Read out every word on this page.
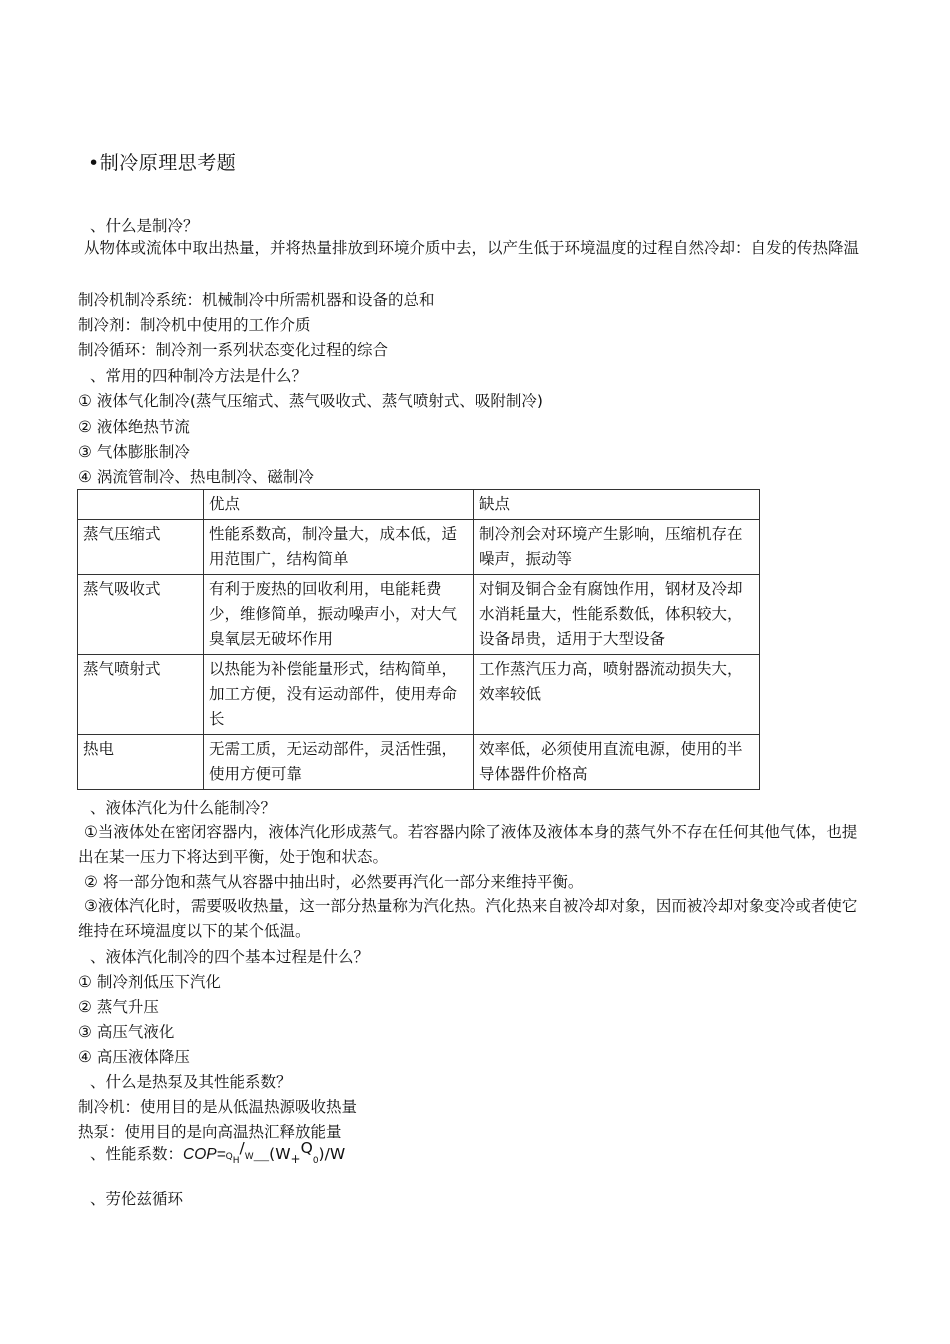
•制冷原理思考题
、什么是制冷？
从物体或流体中取出热量，并将热量排放到环境介质中去，以产生低于环境温度的过程自然冷却：自发的传热降温
制冷机制冷系统：机械制冷中所需机器和设备的总和
制冷剂：制冷机中使用的工作介质
制冷循环：制冷剂一系列状态变化过程的综合
、常用的四种制冷方法是什么？
① 液体气化制冷(蒸气压缩式、蒸气吸收式、蒸气喷射式、吸附制冷)
② 液体绝热节流
③ 气体膨胀制冷
④ 涡流管制冷、热电制冷、磁制冷
	优点	缺点
蒸气压缩式	性能系数高，制冷量大，成本低，适用范围广，结构简单	制冷剂会对环境产生影响，压缩机存在噪声，振动等
蒸气吸收式	有利于废热的回收利用，电能耗费少，维修简单，振动噪声小，对大气臭氧层无破坏作用	对铜及铜合金有腐蚀作用，钢材及冷却水消耗量大，性能系数低，体积较大，设备昂贵，适用于大型设备
蒸气喷射式	以热能为补偿能量形式，结构简单，加工方便，没有运动部件，使用寿命长	工作蒸汽压力高，喷射器流动损失大，效率较低
热电	无需工质，无运动部件，灵活性强，使用方便可靠	效率低，必须使用直流电源，使用的半导体器件价格高
、液体汽化为什么能制冷？
①当液体处在密闭容器内，液体汽化形成蒸气。若容器内除了液体及液体本身的蒸气外不存在任何其他气体，也提出在某一压力下将达到平衡，处于饱和状态。
② 将一部分饱和蒸气从容器中抽出时，必然要再汽化一部分来维持平衡。
③液体汽化时，需要吸收热量，这一部分热量称为汽化热。汽化热来自被冷却对象，因而被冷却对象变冷或者使它维持在环境温度以下的某个低温。
、液体汽化制冷的四个基本过程是什么？
① 制冷剂低压下汽化
② 蒸气升压
③ 高压气液化
④ 高压液体降压
、什么是热泵及其性能系数？
制冷机：使用目的是从低温热源吸收热量
热泵：使用目的是向高温热汇释放能量
、性能系数：$COP=Q_H/W\_(W_+Q_0)/W$
、劳伦兹循环
